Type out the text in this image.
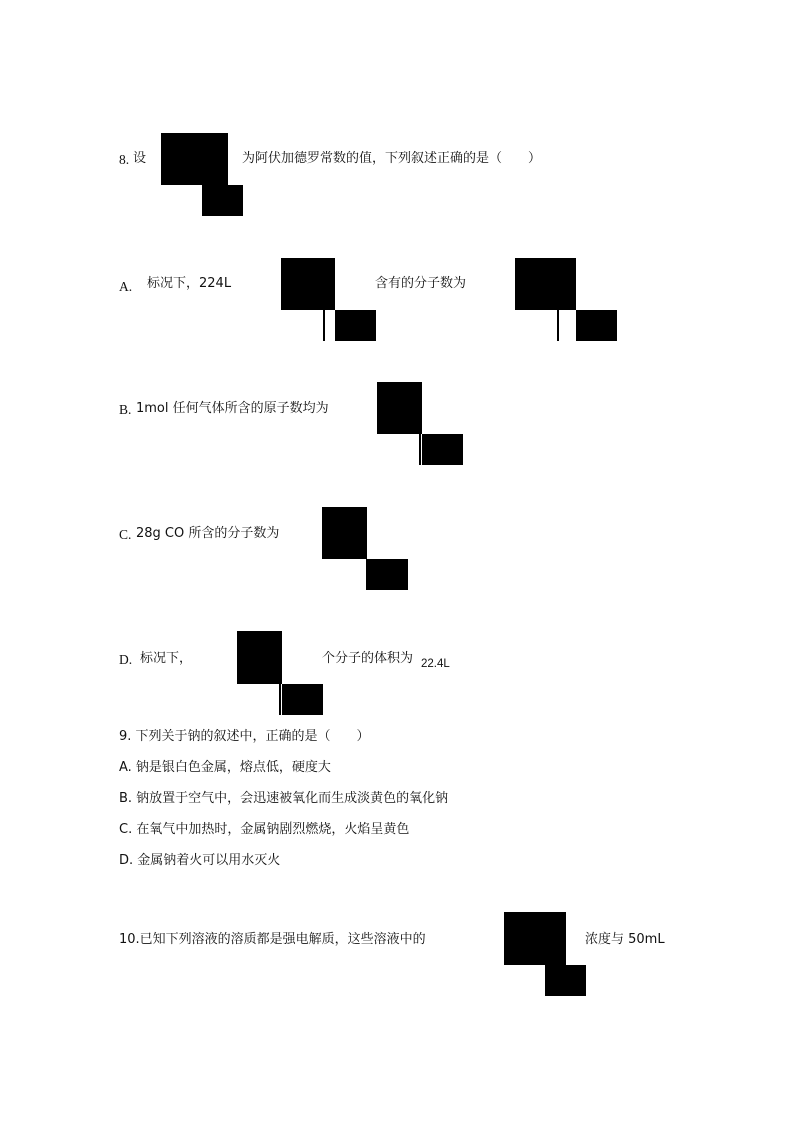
8. 设	为阿伏加德罗常数的值，下列叙述正确的是（　　）
A. 标况下，224L	含有的分子数为
B. 1mol 任何气体所含的原子数均为
C. 28g CO 所含的分子数为
D. 标况下，	个分子的体积为 22.4L
9. 下列关于钠的叙述中，正确的是（　　）
A. 钠是银白色金属，熔点低，硬度大
B. 钠放置于空气中，会迅速被氧化而生成淡黄色的氧化钠
C. 在氧气中加热时，金属钠剧烈燃烧，火焰呈黄色
D. 金属钠着火可以用水灭火
10.已知下列溶液的溶质都是强电解质，这些溶液中的	浓度与 50mL
